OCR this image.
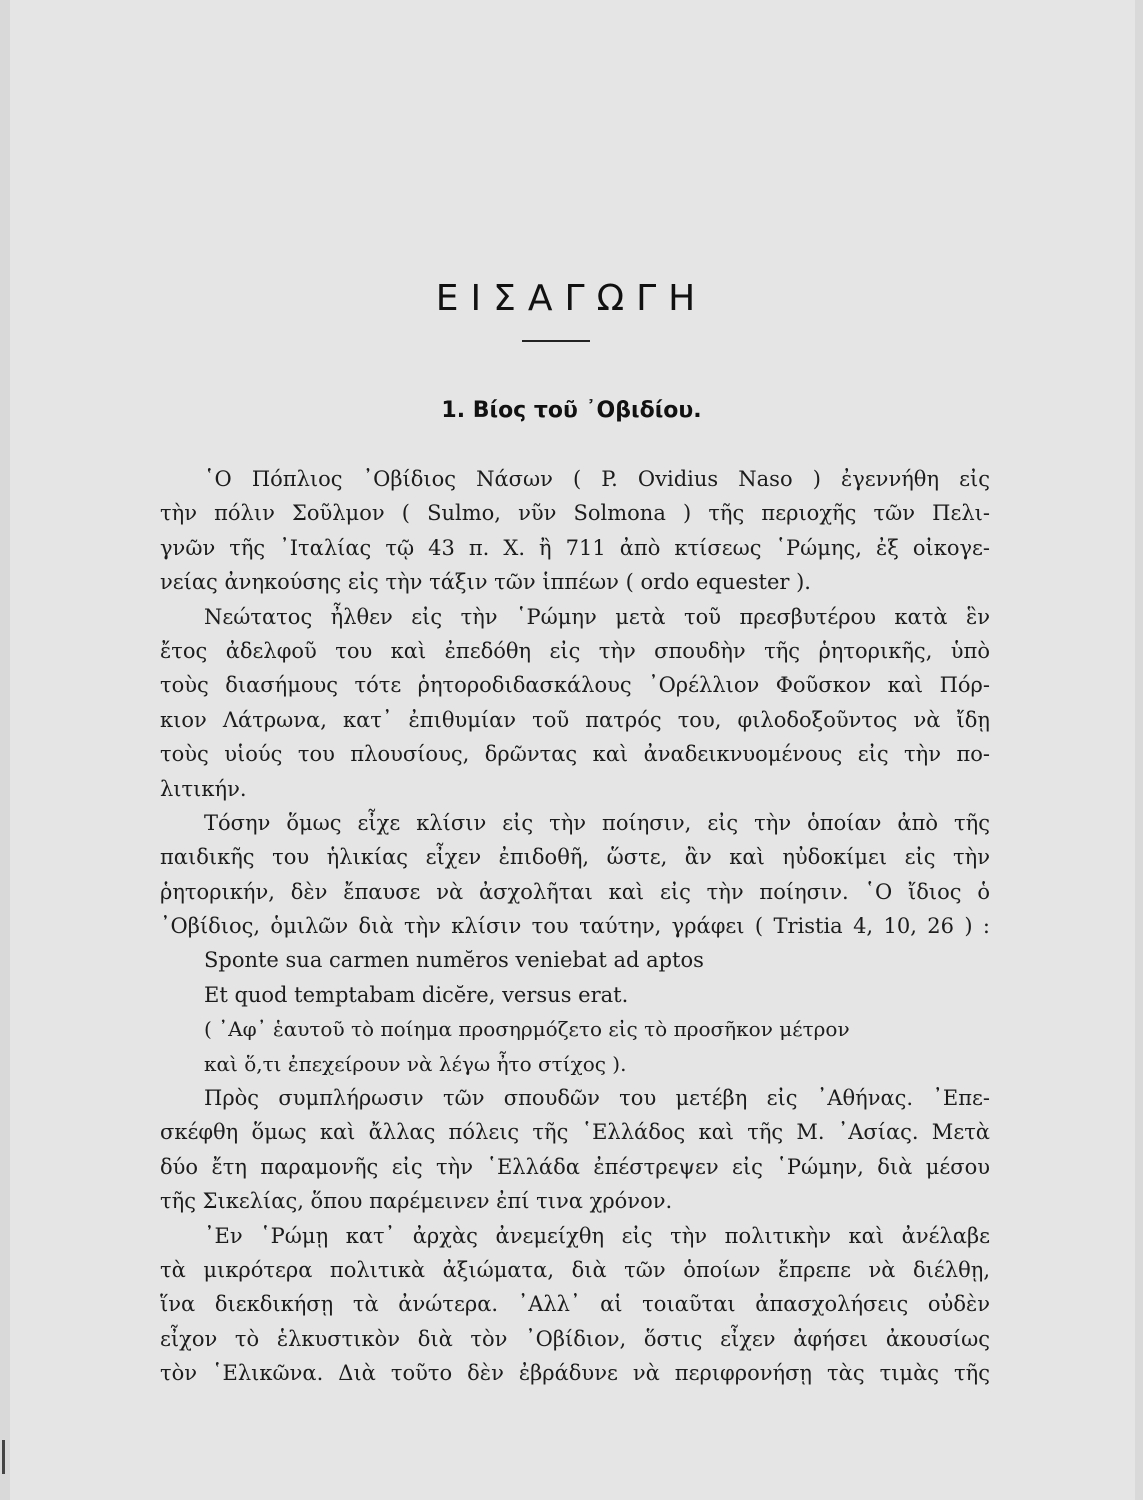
ΕΙΣΑΓΩΓΗ
1. Βίος τοῦ ᾽Οβιδίου.
῾Ο Πόπλιος ᾽Οβίδιος Νάσων ( P. Ovidius Naso ) ἐγεννήθη εἰς
τὴν πόλιν Σοῦλμον ( Sulmo, νῦν Solmona ) τῆς περιοχῆς τῶν Πελι-
γνῶν τῆς ᾽Ιταλίας τῷ 43 π. Χ. ἢ 711 ἀπὸ κτίσεως ῾Ρώμης, ἐξ οἰκογε-
νείας ἀνηκούσης εἰς τὴν τάξιν τῶν ἱππέων ( ordo equester ).
Νεώτατος ἦλθεν εἰς τὴν ῾Ρώμην μετὰ τοῦ πρεσβυτέρου κατὰ ἓν
ἔτος ἀδελφοῦ του καὶ ἐπεδόθη εἰς τὴν σπουδὴν τῆς ῥητορικῆς, ὑπὸ
τοὺς διασήμους τότε ῥητοροδιδασκάλους ᾽Ορέλλιον Φοῦσκον καὶ Πόρ-
κιον Λάτρωνα, κατ᾽ ἐπιθυμίαν τοῦ πατρός του, φιλοδοξοῦντος νὰ ἴδῃ
τοὺς υἱούς του πλουσίους, δρῶντας καὶ ἀναδεικνυομένους εἰς τὴν πο-
λιτικήν.
Τόσην ὅμως εἶχε κλίσιν εἰς τὴν ποίησιν, εἰς τὴν ὁποίαν ἀπὸ τῆς
παιδικῆς του ἡλικίας εἶχεν ἐπιδοθῆ, ὥστε, ἂν καὶ ηὐδοκίμει εἰς τὴν
ῥητορικήν, δὲν ἔπαυσε νὰ ἀσχολῆται καὶ εἰς τὴν ποίησιν. ῾Ο ἴδιος ὁ
᾽Οβίδιος, ὁμιλῶν διὰ τὴν κλίσιν του ταύτην, γράφει ( Tristia 4, 10, 26 ) :
Sponte sua carmen numĕros veniebat ad aptos
Et quod temptabam dicĕre, versus erat.
( ᾽Αφ᾽ ἑαυτοῦ τὸ ποίημα προσηρμόζετο εἰς τὸ προσῆκον μέτρον
καὶ ὅ,τι ἐπεχείρουν νὰ λέγω ἦτο στίχος ).
Πρὸς συμπλήρωσιν τῶν σπουδῶν του μετέβη εἰς ᾽Αθήνας. ᾽Επε-
σκέφθη ὅμως καὶ ἄλλας πόλεις τῆς ῾Ελλάδος καὶ τῆς Μ. ᾽Ασίας. Μετὰ
δύο ἔτη παραμονῆς εἰς τὴν ῾Ελλάδα ἐπέστρεψεν εἰς ῾Ρώμην, διὰ μέσου
τῆς Σικελίας, ὅπου παρέμεινεν ἐπί τινα χρόνον.
᾽Εν ῾Ρώμῃ κατ᾽ ἀρχὰς ἀνεμείχθη εἰς τὴν πολιτικὴν καὶ ἀνέλαβε
τὰ μικρότερα πολιτικὰ ἀξιώματα, διὰ τῶν ὁποίων ἔπρεπε νὰ διέλθῃ,
ἵνα διεκδικήσῃ τὰ ἀνώτερα. ᾽Αλλ᾽ αἱ τοιαῦται ἀπασχολήσεις οὐδὲν
εἶχον τὸ ἑλκυστικὸν διὰ τὸν ᾽Οβίδιον, ὅστις εἶχεν ἀφήσει ἀκουσίως
τὸν ῾Ελικῶνα. Διὰ τοῦτο δὲν ἐβράδυνε νὰ περιφρονήσῃ τὰς τιμὰς τῆς
